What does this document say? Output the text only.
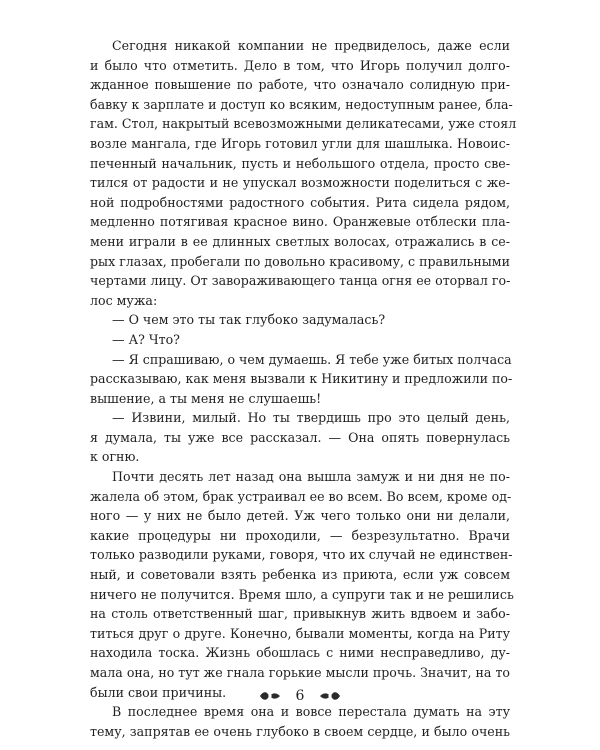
Сегодня никакой компании не предвиделось, даже если
и было что отметить. Дело в том, что Игорь получил долго-
жданное повышение по работе, что означало солидную при-
бавку к зарплате и доступ ко всяким, недоступным ранее, бла-
гам. Стол, накрытый всевозможными деликатесами, уже стоял
возле мангала, где Игорь готовил угли для шашлыка. Новоис-
печенный начальник, пусть и небольшого отдела, просто све-
тился от радости и не упускал возможности поделиться с же-
ной подробностями радостного события. Рита сидела рядом,
медленно потягивая красное вино. Оранжевые отблески пла-
мени играли в ее длинных светлых волосах, отражались в се-
рых глазах, пробегали по довольно красивому, с правильными
чертами лицу. От завораживающего танца огня ее оторвал го-
лос мужа:
— О чем это ты так глубоко задумалась?
— А? Что?
— Я спрашиваю, о чем думаешь. Я тебе уже битых полчаса
рассказываю, как меня вызвали к Никитину и предложили по-
вышение, а ты меня не слушаешь!
— Извини, милый. Но ты твердишь про это целый день,
я думала, ты уже все рассказал. — Она опять повернулась
к огню.
Почти десять лет назад она вышла замуж и ни дня не по-
жалела об этом, брак устраивал ее во всем. Во всем, кроме од-
ного — у них не было детей. Уж чего только они ни делали,
какие процедуры ни проходили, — безрезультатно. Врачи
только разводили руками, говоря, что их случай не единствен-
ный, и советовали взять ребенка из приюта, если уж совсем
ничего не получится. Время шло, а супруги так и не решились
на столь ответственный шаг, привыкнув жить вдвоем и забо-
титься друг о друге. Конечно, бывали моменты, когда на Риту
находила тоска. Жизнь обошлась с ними несправедливо, ду-
мала она, но тут же гнала горькие мысли прочь. Значит, на то
были свои причины.
В последнее время она и вовсе перестала думать на эту
тему, запрятав ее очень глубоко в своем сердце, и было очень
6
